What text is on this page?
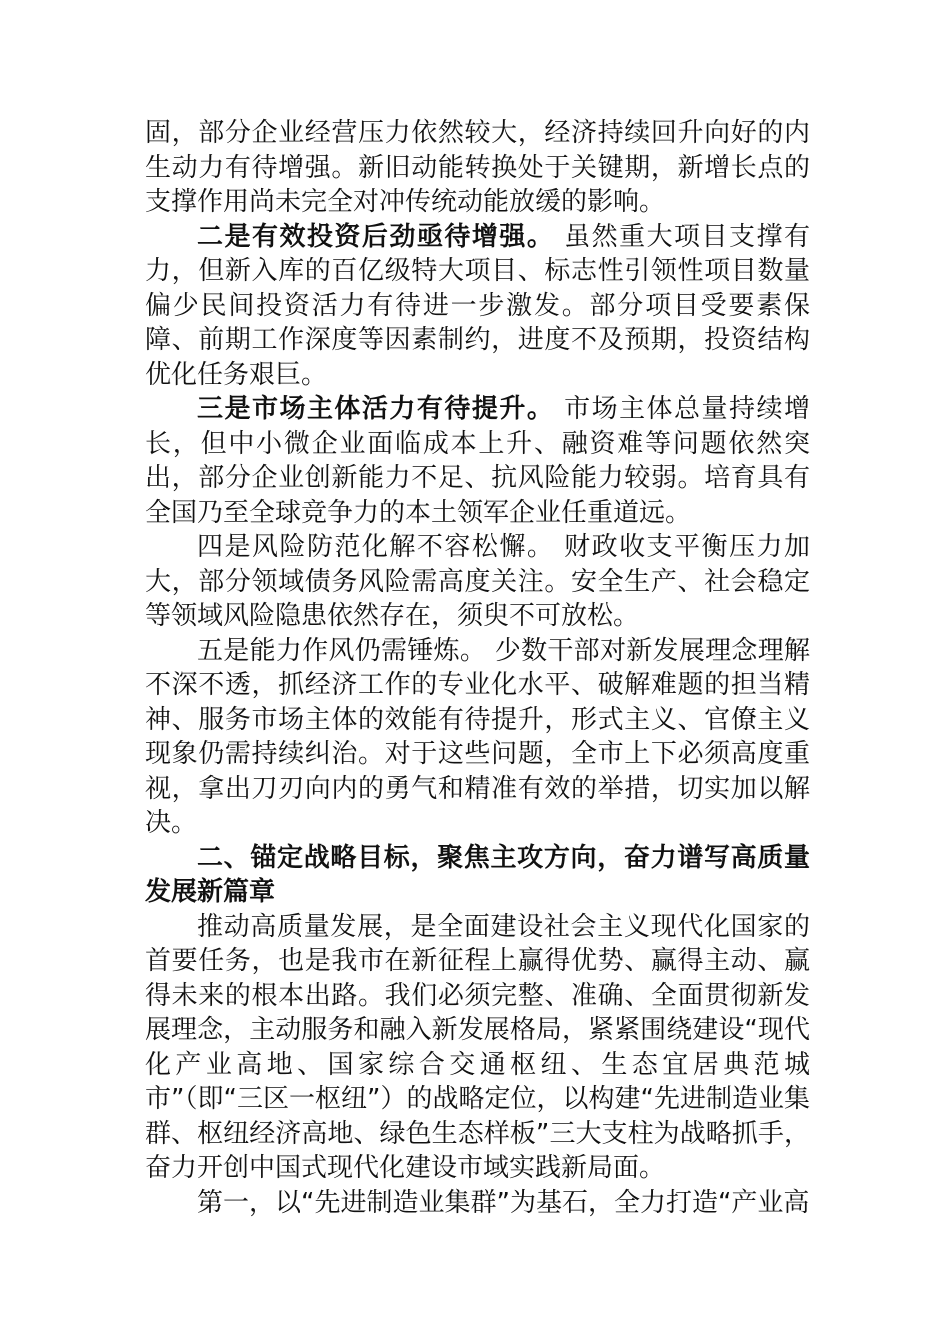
固，部分企业经营压力依然较大，经济持续回升向好的内生动力有待增强。新旧动能转换处于关键期，新增长点的支撑作用尚未完全对冲传统动能放缓的影响。

二是有效投资后劲亟待增强。 虽然重大项目支撑有力，但新入库的百亿级特大项目、标志性引领性项目数量偏少民间投资活力有待进一步激发。部分项目受要素保障、前期工作深度等因素制约，进度不及预期，投资结构优化任务艰巨。

三是市场主体活力有待提升。 市场主体总量持续增长，但中小微企业面临成本上升、融资难等问题依然突出，部分企业创新能力不足、抗风险能力较弱。培育具有全国乃至全球竞争力的本土领军企业任重道远。

四是风险防范化解不容松懈。 财政收支平衡压力加大，部分领域债务风险需高度关注。安全生产、社会稳定等领域风险隐患依然存在，须臾不可放松。

五是能力作风仍需锤炼。 少数干部对新发展理念理解不深不透，抓经济工作的专业化水平、破解难题的担当精神、服务市场主体的效能有待提升，形式主义、官僚主义现象仍需持续纠治。对于这些问题，全市上下必须高度重视，拿出刀刃向内的勇气和精准有效的举措，切实加以解决。

二、锚定战略目标，聚焦主攻方向，奋力谱写高质量发展新篇章

推动高质量发展，是全面建设社会主义现代化国家的首要任务，也是我市在新征程上赢得优势、赢得主动、赢得未来的根本出路。我们必须完整、准确、全面贯彻新发展理念，主动服务和融入新发展格局，紧紧围绕建设“现代化产业高地、国家综合交通枢纽、生态宜居典范城市”（即“三区一枢纽”）的战略定位，以构建“先进制造业集群、枢纽经济高地、绿色生态样板”三大支柱为战略抓手，奋力开创中国式现代化建设市域实践新局面。

第一，以“先进制造业集群”为基石，全力打造“产业高
